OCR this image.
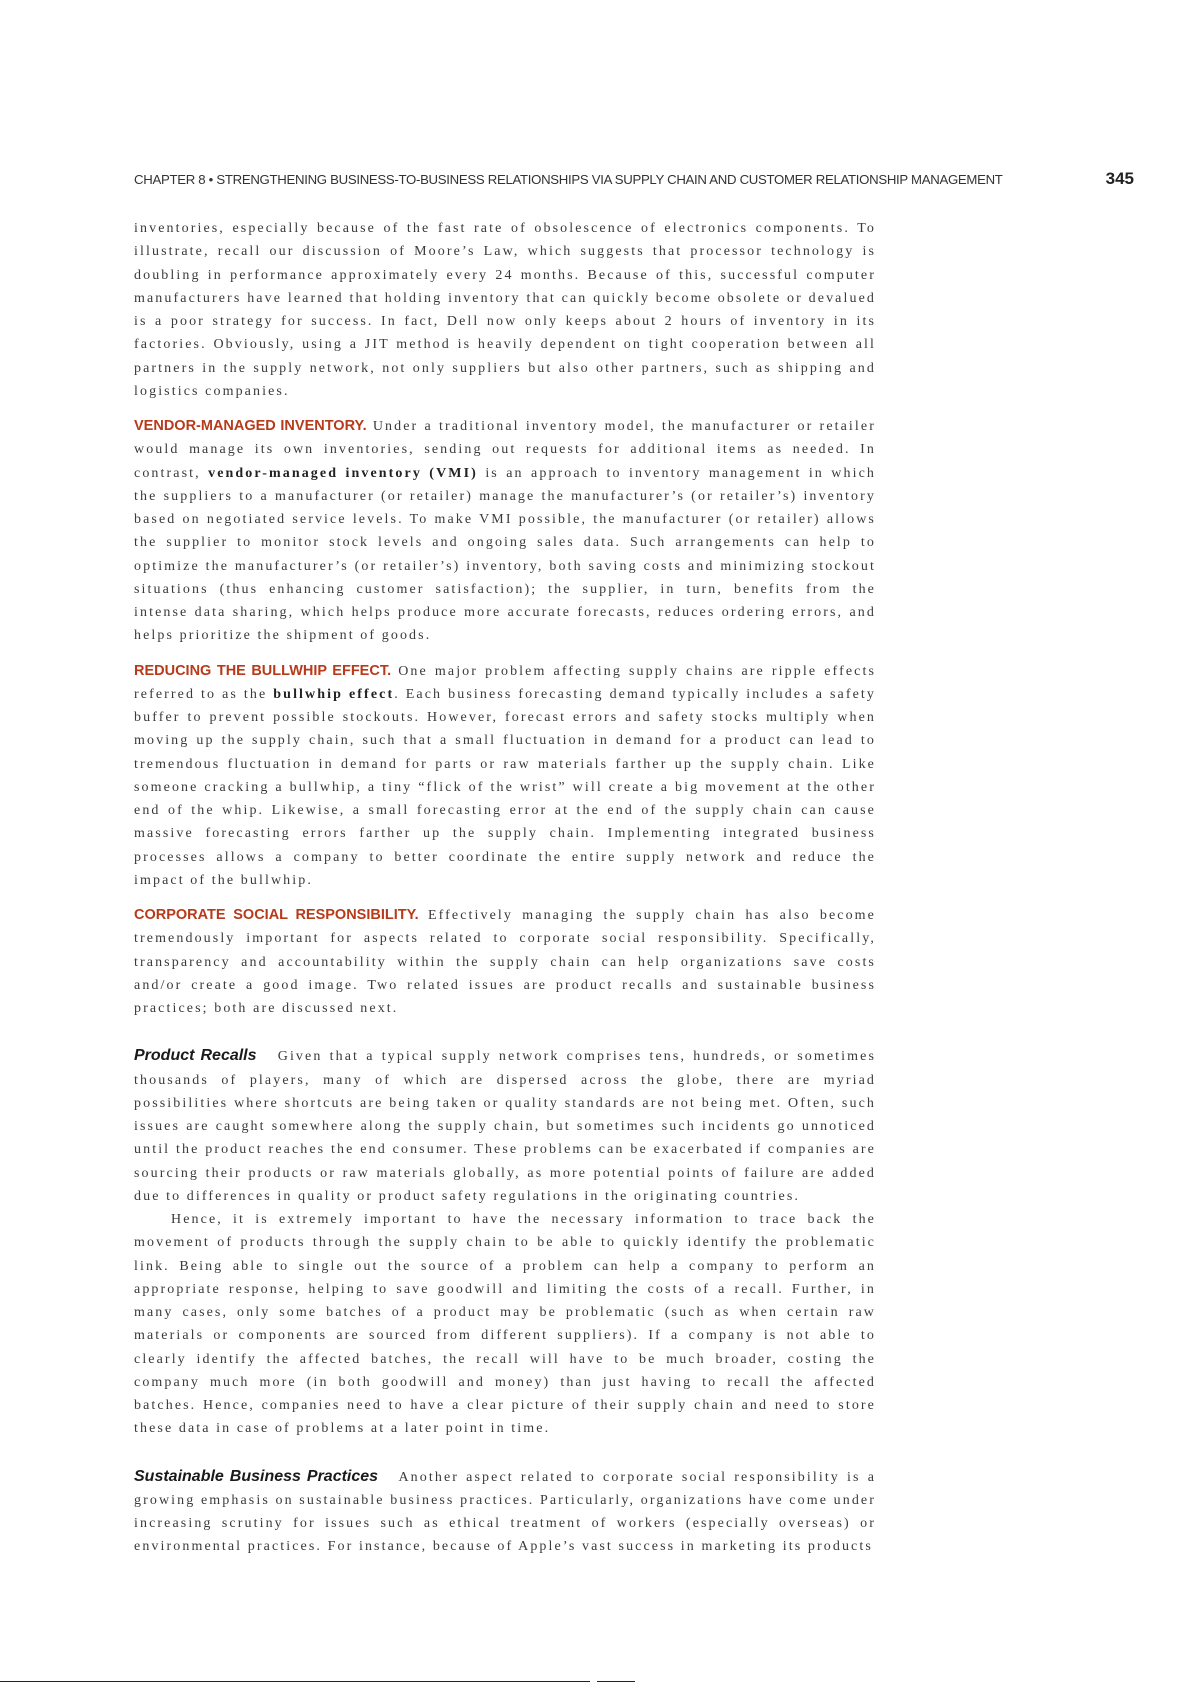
CHAPTER 8 • STRENGTHENING BUSINESS-TO-BUSINESS RELATIONSHIPS VIA SUPPLY CHAIN AND CUSTOMER RELATIONSHIP MANAGEMENT	345

inventories, especially because of the fast rate of obsolescence of electronics components. To illustrate, recall our discussion of Moore’s Law, which suggests that processor technology is doubling in performance approximately every 24 months. Because of this, successful computer manufacturers have learned that holding inventory that can quickly become obsolete or devalued is a poor strategy for success. In fact, Dell now only keeps about 2 hours of inventory in its factories. Obviously, using a JIT method is heavily dependent on tight cooperation between all partners in the supply network, not only suppliers but also other partners, such as shipping and logistics companies.

VENDOR-MANAGED INVENTORY. Under a traditional inventory model, the manufacturer or retailer would manage its own inventories, sending out requests for additional items as needed. In contrast, vendor-managed inventory (VMI) is an approach to inventory management in which the suppliers to a manufacturer (or retailer) manage the manufacturer’s (or retailer’s) inventory based on negotiated service levels. To make VMI possible, the manufacturer (or retailer) allows the supplier to monitor stock levels and ongoing sales data. Such arrangements can help to optimize the manufacturer’s (or retailer’s) inventory, both saving costs and minimizing stockout situations (thus enhancing customer satisfaction); the supplier, in turn, benefits from the intense data sharing, which helps produce more accurate forecasts, reduces ordering errors, and helps prioritize the shipment of goods.

REDUCING THE BULLWHIP EFFECT. One major problem affecting supply chains are ripple effects referred to as the bullwhip effect. Each business forecasting demand typically includes a safety buffer to prevent possible stockouts. However, forecast errors and safety stocks multiply when moving up the supply chain, such that a small fluctuation in demand for a product can lead to tremendous fluctuation in demand for parts or raw materials farther up the supply chain. Like someone cracking a bullwhip, a tiny “flick of the wrist” will create a big movement at the other end of the whip. Likewise, a small forecasting error at the end of the supply chain can cause massive forecasting errors farther up the supply chain. Implementing integrated business processes allows a company to better coordinate the entire supply network and reduce the impact of the bullwhip.

CORPORATE SOCIAL RESPONSIBILITY. Effectively managing the supply chain has also become tremendously important for aspects related to corporate social responsibility. Specifically, transparency and accountability within the supply chain can help organizations save costs and/or create a good image. Two related issues are product recalls and sustainable business practices; both are discussed next.

Product Recalls Given that a typical supply network comprises tens, hundreds, or sometimes thousands of players, many of which are dispersed across the globe, there are myriad possibilities where shortcuts are being taken or quality standards are not being met. Often, such issues are caught somewhere along the supply chain, but sometimes such incidents go unnoticed until the product reaches the end consumer. These problems can be exacerbated if companies are sourcing their products or raw materials globally, as more potential points of failure are added due to differences in quality or product safety regulations in the originating countries.

Hence, it is extremely important to have the necessary information to trace back the movement of products through the supply chain to be able to quickly identify the problematic link. Being able to single out the source of a problem can help a company to perform an appropriate response, helping to save goodwill and limiting the costs of a recall. Further, in many cases, only some batches of a product may be problematic (such as when certain raw materials or components are sourced from different suppliers). If a company is not able to clearly identify the affected batches, the recall will have to be much broader, costing the company much more (in both goodwill and money) than just having to recall the affected batches. Hence, companies need to have a clear picture of their supply chain and need to store these data in case of problems at a later point in time.

Sustainable Business Practices Another aspect related to corporate social responsibility is a growing emphasis on sustainable business practices. Particularly, organizations have come under increasing scrutiny for issues such as ethical treatment of workers (especially overseas) or environmental practices. For instance, because of Apple’s vast success in marketing its products
